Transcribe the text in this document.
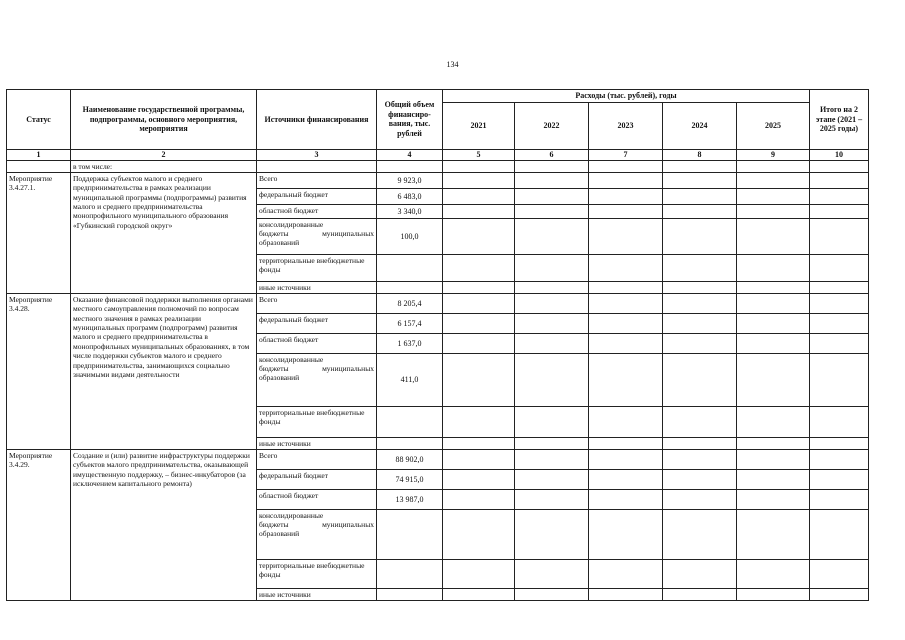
134
Статус	Наименование государственной программы, подпрограммы, основного мероприятия, мероприятия	Источники финансирования	Общий объем финансиро-вания, тыс. рублей	Расходы (тыс. рублей), годы					Итого на 2 этапе (2021 – 2025 годы)
				2021	2022	2023	2024	2025	
1	2	3	4	5	6	7	8	9	10
	в том числе:								
Мероприятие 3.4.27.1.	Поддержка субъектов малого и среднего предпринимательства в рамках реализации муниципальной программы (подпрограммы) развития малого и среднего предпринимательства монопрофильного муниципального образования «Губкинский городской округ»	Всего	9 923,0						
		федеральный бюджет	6 483,0						
		областной бюджет	3 340,0						

		консолидированные
бюджеты муниципальных
образований	100,0						
		территориальные внебюджетные фонды							
		иные источники							
Мероприятие 3.4.28.	Оказание финансовой поддержки выполнения органами местного самоуправления полномочий по вопросам местного значения в рамках реализации муниципальных программ (подпрограмм) развития малого и среднего предпринимательства в монопрофильных муниципальных образованиях, в том числе поддержки субъектов малого и среднего предпринимательства, занимающихся социально значимыми видами деятельности	Всего	8 205,4						
		федеральный бюджет	6 157,4						
		областной бюджет	1 637,0						

		консолидированные
бюджеты муниципальных
образований	411,0						
		территориальные внебюджетные фонды							
		иные источники							
Мероприятие 3.4.29.	Создание и (или) развитие инфраструктуры поддержки субъектов малого предпринимательства, оказывающей имущественную поддержку, – бизнес-инкубаторов (за исключением капитального ремонта)	Всего	88 902,0						
		федеральный бюджет	74 915,0						
		областной бюджет	13 987,0						

		консолидированные
бюджеты муниципальных
образований							

		территориальные внебюджетные фонды							
		иные источники							
